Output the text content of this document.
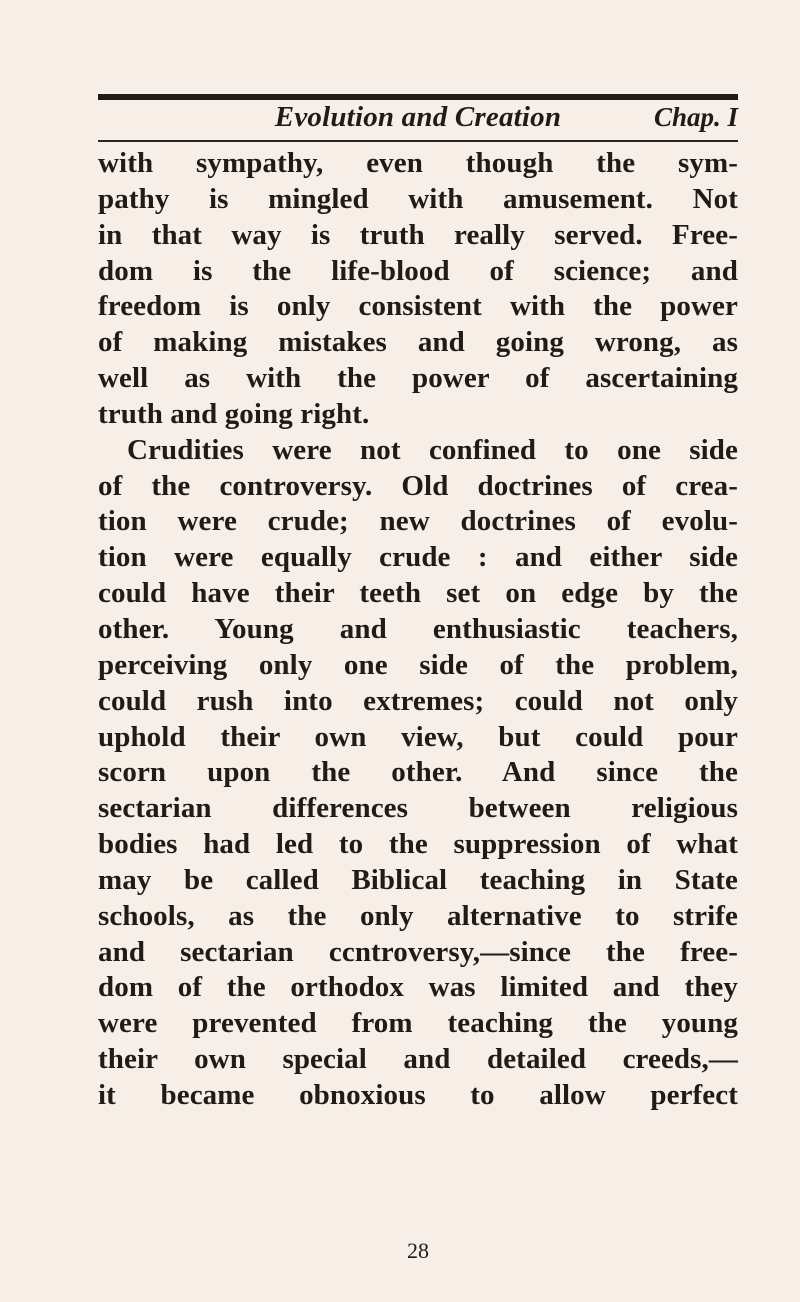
Evolution and Creation	Chap. I
with sympathy, even though the sym-
pathy is mingled with amusement. Not
in that way is truth really served. Free-
dom is the life-blood of science; and
freedom is only consistent with the power
of making mistakes and going wrong, as
well as with the power of ascertaining
truth and going right.
Crudities were not confined to one side
of the controversy. Old doctrines of crea-
tion were crude; new doctrines of evolu-
tion were equally crude : and either side
could have their teeth set on edge by the
other. Young and enthusiastic teachers,
perceiving only one side of the problem,
could rush into extremes; could not only
uphold their own view, but could pour
scorn upon the other. And since the
sectarian differences between religious
bodies had led to the suppression of what
may be called Biblical teaching in State
schools, as the only alternative to strife
and sectarian ccntroversy,—since the free-
dom of the orthodox was limited and they
were prevented from teaching the young
their own special and detailed creeds,—
it became obnoxious to allow perfect
28
